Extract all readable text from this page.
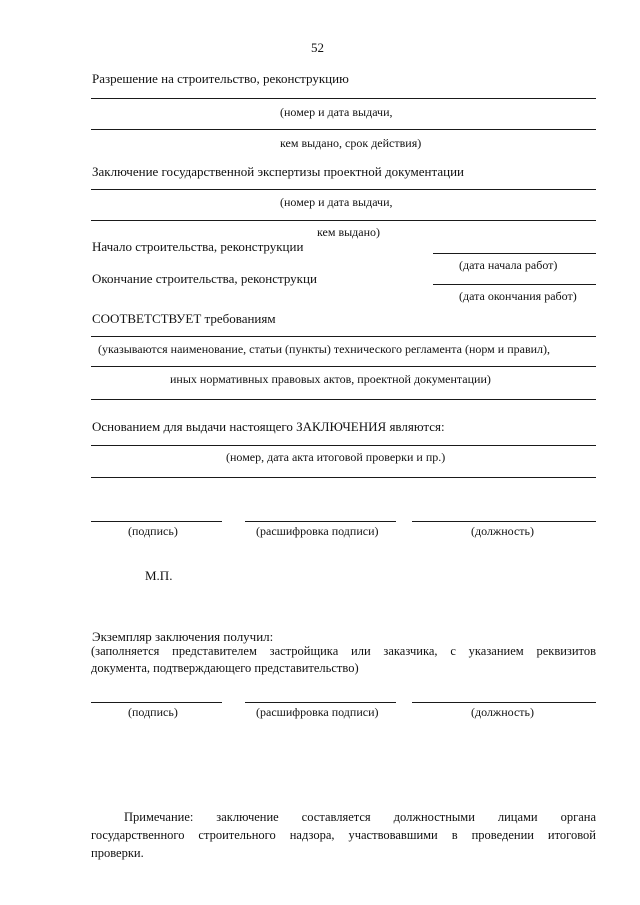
52
Разрешение на строительство, реконструкцию
(номер и дата выдачи,
кем выдано, срок действия)
Заключение государственной экспертизы проектной документации
(номер и дата выдачи,
кем выдано)
Начало строительства, реконструкции
(дата начала работ)
Окончание строительства, реконструкци
(дата окончания работ)
СООТВЕТСТВУЕТ требованиям
(указываются наименование, статьи (пункты) технического регламента (норм и правил),
иных нормативных правовых актов, проектной документации)
Основанием для выдачи настоящего ЗАКЛЮЧЕНИЯ являются:
(номер, дата акта итоговой проверки и пр.)
(подпись)	(расшифровка подписи)	(должность)
М.П.
Экземпляр заключения получил:
(заполняется представителем застройщика или заказчика, с указанием реквизитов
документа, подтверждающего представительство)
(подпись)	(расшифровка подписи)	(должность)

Примечание: заключение составляется должностными лицами органа

государственного строительного надзора, участвовавшими в проведении итоговой

проверки.
